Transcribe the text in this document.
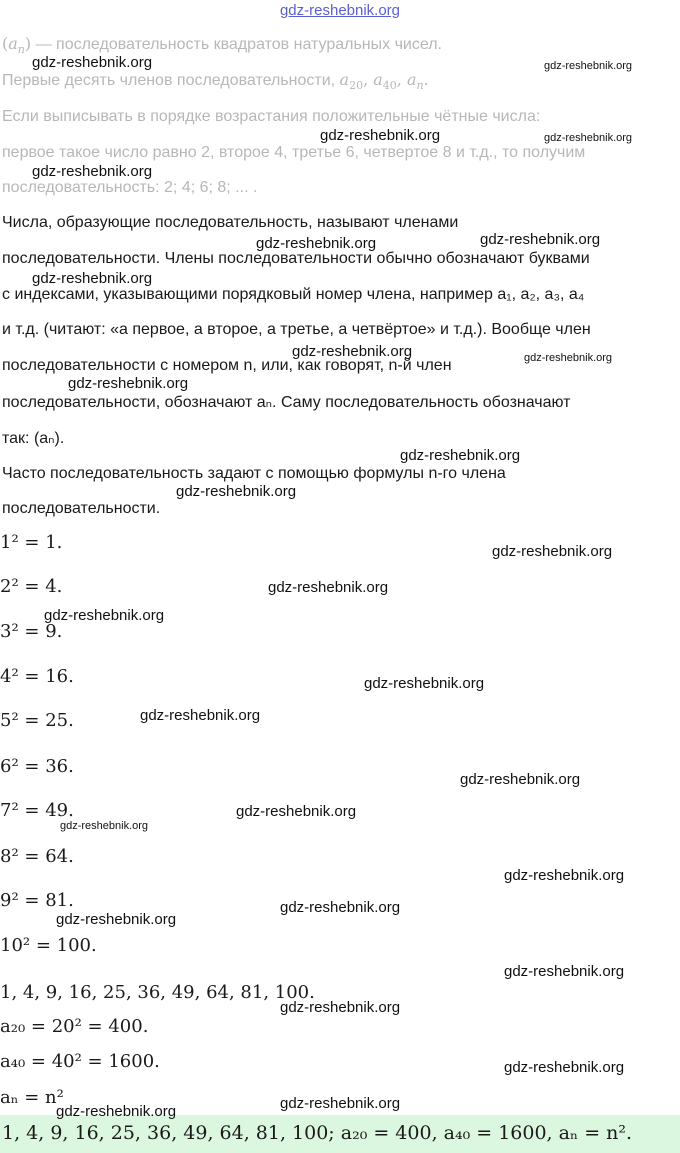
gdz-reshebnik.org
$(a_n)$ — последовательность квадратов натуральных чисел.
Первые десять членов последовательности, $a_{20}$, $a_{40}$, $a_n$.
Если выписывать в порядке возрастания положительные чётные числа:
первое такое число равно 2, второе 4, третье 6, четвертое 8 и т.д., то получим
последовательность: 2; 4; 6; 8; ... .
Числа, образующие последовательность, называют членами
последовательности. Члены последовательности обычно обозначают буквами
с индексами, указывающими порядковый номер члена, например a₁, a₂, a₃, a₄
и т.д. (читают: «a первое, a второе, a третье, a четвёртое» и т.д.). Вообще член
последовательности с номером n, или, как говорят, n-й член
последовательности, обозначают aₙ. Саму последовательность обозначают
так: (aₙ).
Часто последовательность задают с помощью формулы n-го члена
последовательности.
1² = 1.
2² = 4.
3² = 9.
4² = 16.
5² = 25.
6² = 36.
7² = 49.
8² = 64.
9² = 81.
10² = 100.
1, 4, 9, 16, 25, 36, 49, 64, 81, 100.
a₂₀ = 20² = 400.
a₄₀ = 40² = 1600.
aₙ = n²
1, 4, 9, 16, 25, 36, 49, 64, 81, 100; a₂₀ = 400, a₄₀ = 1600, aₙ = n².
gdz-reshebnik.org	gdz-reshebnik.org
gdz-reshebnik.org	gdz-reshebnik.org
gdz-reshebnik.org
gdz-reshebnik.org	gdz-reshebnik.org
gdz-reshebnik.org
gdz-reshebnik.org	gdz-reshebnik.org
gdz-reshebnik.org
gdz-reshebnik.org
gdz-reshebnik.org
gdz-reshebnik.org
gdz-reshebnik.org
gdz-reshebnik.org
gdz-reshebnik.org
gdz-reshebnik.org
gdz-reshebnik.org
gdz-reshebnik.org
gdz-reshebnik.org
gdz-reshebnik.org
gdz-reshebnik.org
gdz-reshebnik.org
gdz-reshebnik.org
gdz-reshebnik.org
gdz-reshebnik.org
gdz-reshebnik.org
gdz-reshebnik.org
